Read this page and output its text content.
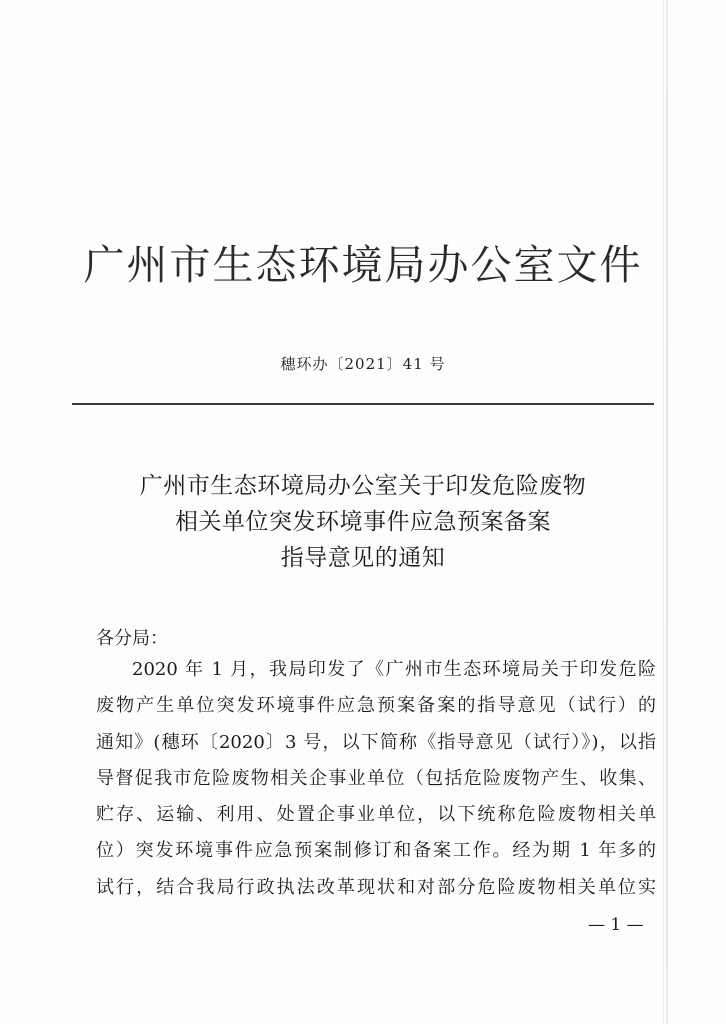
广州市生态环境局办公室文件
穗环办〔2021〕41 号
广州市生态环境局办公室关于印发危险废物
相关单位突发环境事件应急预案备案
指导意见的通知
各分局：
2020 年 1 月，我局印发了《广州市生态环境局关于印发危险
废物产生单位突发环境事件应急预案备案的指导意见（试行）的
通知》(穗环〔2020〕3 号，以下简称《指导意见（试行）》)，以指
导督促我市危险废物相关企事业单位（包括危险废物产生、收集、
贮存、运输、利用、处置企事业单位，以下统称危险废物相关单
位）突发环境事件应急预案制修订和备案工作。经为期 1 年多的
试行，结合我局行政执法改革现状和对部分危险废物相关单位实
— 1 —
